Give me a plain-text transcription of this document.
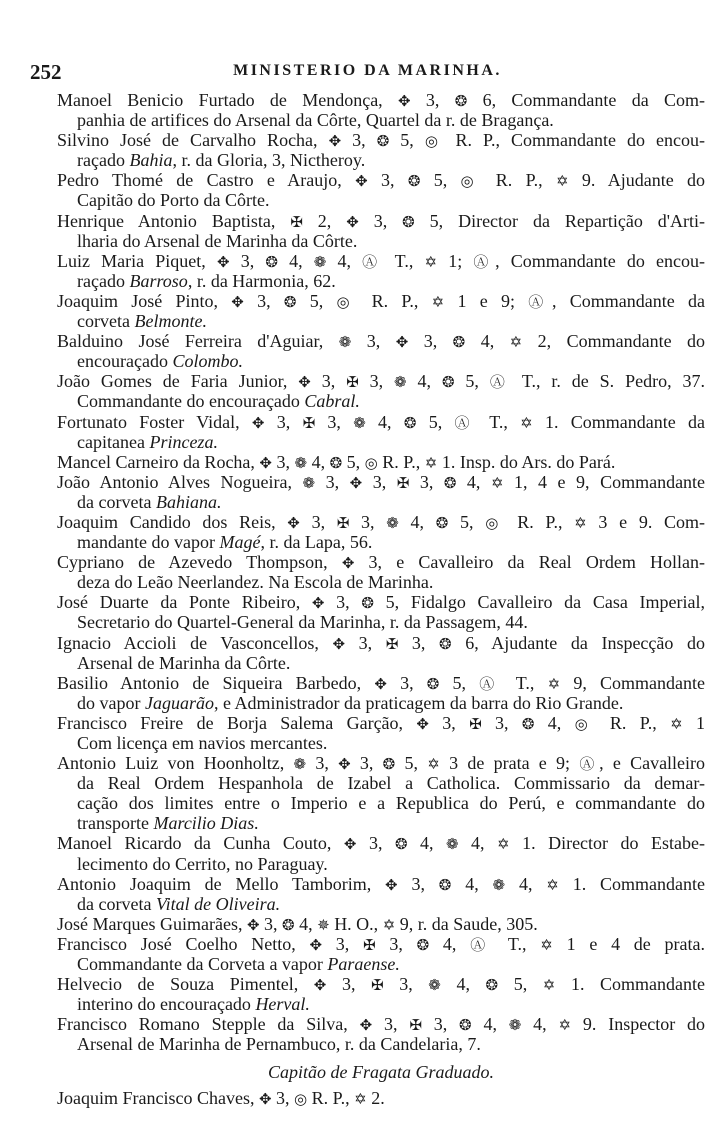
252	MINISTERIO DA MARINHA.
Manoel Benicio Furtado de Mendonça, ✥ 3, ❂ 6, Commandante da Com-
panhia de artifices do Arsenal da Côrte, Quartel da r. de Bragança.
Silvino José de Carvalho Rocha, ✥ 3, ❂ 5, ◎ R. P., Commandante do encou-
raçado Bahia, r. da Gloria, 3, Nictheroy.
Pedro Thomé de Castro e Araujo, ✥ 3, ❂ 5, ◎ R. P., ✡ 9. Ajudante do
Capitão do Porto da Côrte.
Henrique Antonio Baptista, ✠ 2, ✥ 3, ❂ 5, Director da Repartição d'Arti-
lharia do Arsenal de Marinha da Côrte.
Luiz Maria Piquet, ✥ 3, ❂ 4, ❁ 4, Ⓐ T., ✡ 1; Ⓐ, Commandante do encou-
raçado Barroso, r. da Harmonia, 62.
Joaquim José Pinto, ✥ 3, ❂ 5, ◎ R. P., ✡ 1 e 9; Ⓐ, Commandante da
corveta Belmonte.
Balduino José Ferreira d'Aguiar, ❁ 3, ✥ 3, ❂ 4, ✡ 2, Commandante do
encouraçado Colombo.
João Gomes de Faria Junior, ✥ 3, ✠ 3, ❁ 4, ❂ 5, Ⓐ T., r. de S. Pedro, 37.
Commandante do encouraçado Cabral.
Fortunato Foster Vidal, ✥ 3, ✠ 3, ❁ 4, ❂ 5, Ⓐ T., ✡ 1. Commandante da
capitanea Princeza.
Mancel Carneiro da Rocha, ✥ 3, ❁ 4, ❂ 5, ◎ R. P., ✡ 1. Insp. do Ars. do Pará.
João Antonio Alves Nogueira, ❁ 3, ✥ 3, ✠ 3, ❂ 4, ✡ 1, 4 e 9, Commandante
da corveta Bahiana.
Joaquim Candido dos Reis, ✥ 3, ✠ 3, ❁ 4, ❂ 5, ◎ R. P., ✡ 3 e 9. Com-
mandante do vapor Magé, r. da Lapa, 56.
Cypriano de Azevedo Thompson, ✥ 3, e Cavalleiro da Real Ordem Hollan-
deza do Leão Neerlandez. Na Escola de Marinha.
José Duarte da Ponte Ribeiro, ✥ 3, ❂ 5, Fidalgo Cavalleiro da Casa Imperial,
Secretario do Quartel-General da Marinha, r. da Passagem, 44.
Ignacio Accioli de Vasconcellos, ✥ 3, ✠ 3, ❂ 6, Ajudante da Inspecção do
Arsenal de Marinha da Côrte.
Basilio Antonio de Siqueira Barbedo, ✥ 3, ❂ 5, Ⓐ T., ✡ 9, Commandante
do vapor Jaguarão, e Administrador da praticagem da barra do Rio Grande.
Francisco Freire de Borja Salema Garção, ✥ 3, ✠ 3, ❂ 4, ◎ R. P., ✡ 1
Com licença em navios mercantes.
Antonio Luiz von Hoonholtz, ❁ 3, ✥ 3, ❂ 5, ✡ 3 de prata e 9; Ⓐ, e Cavalleiro
da Real Ordem Hespanhola de Izabel a Catholica. Commissario da demar-
cação dos limites entre o Imperio e a Republica do Perú, e commandante do
transporte Marcilio Dias.
Manoel Ricardo da Cunha Couto, ✥ 3, ❂ 4, ❁ 4, ✡ 1. Director do Estabe-
lecimento do Cerrito, no Paraguay.
Antonio Joaquim de Mello Tamborim, ✥ 3, ❂ 4, ❁ 4, ✡ 1. Commandante
da corveta Vital de Oliveira.
José Marques Guimarães, ✥ 3, ❂ 4, ✵ H. O., ✡ 9, r. da Saude, 305.
Francisco José Coelho Netto, ✥ 3, ✠ 3, ❂ 4, Ⓐ T., ✡ 1 e 4 de prata.
Commandante da Corveta a vapor Paraense.
Helvecio de Souza Pimentel, ✥ 3, ✠ 3, ❁ 4, ❂ 5, ✡ 1. Commandante
interino do encouraçado Herval.
Francisco Romano Stepple da Silva, ✥ 3, ✠ 3, ❂ 4, ❁ 4, ✡ 9. Inspector do
Arsenal de Marinha de Pernambuco, r. da Candelaria, 7.
Capitão de Fragata Graduado.
Joaquim Francisco Chaves, ✥ 3, ◎ R. P., ✡ 2.
